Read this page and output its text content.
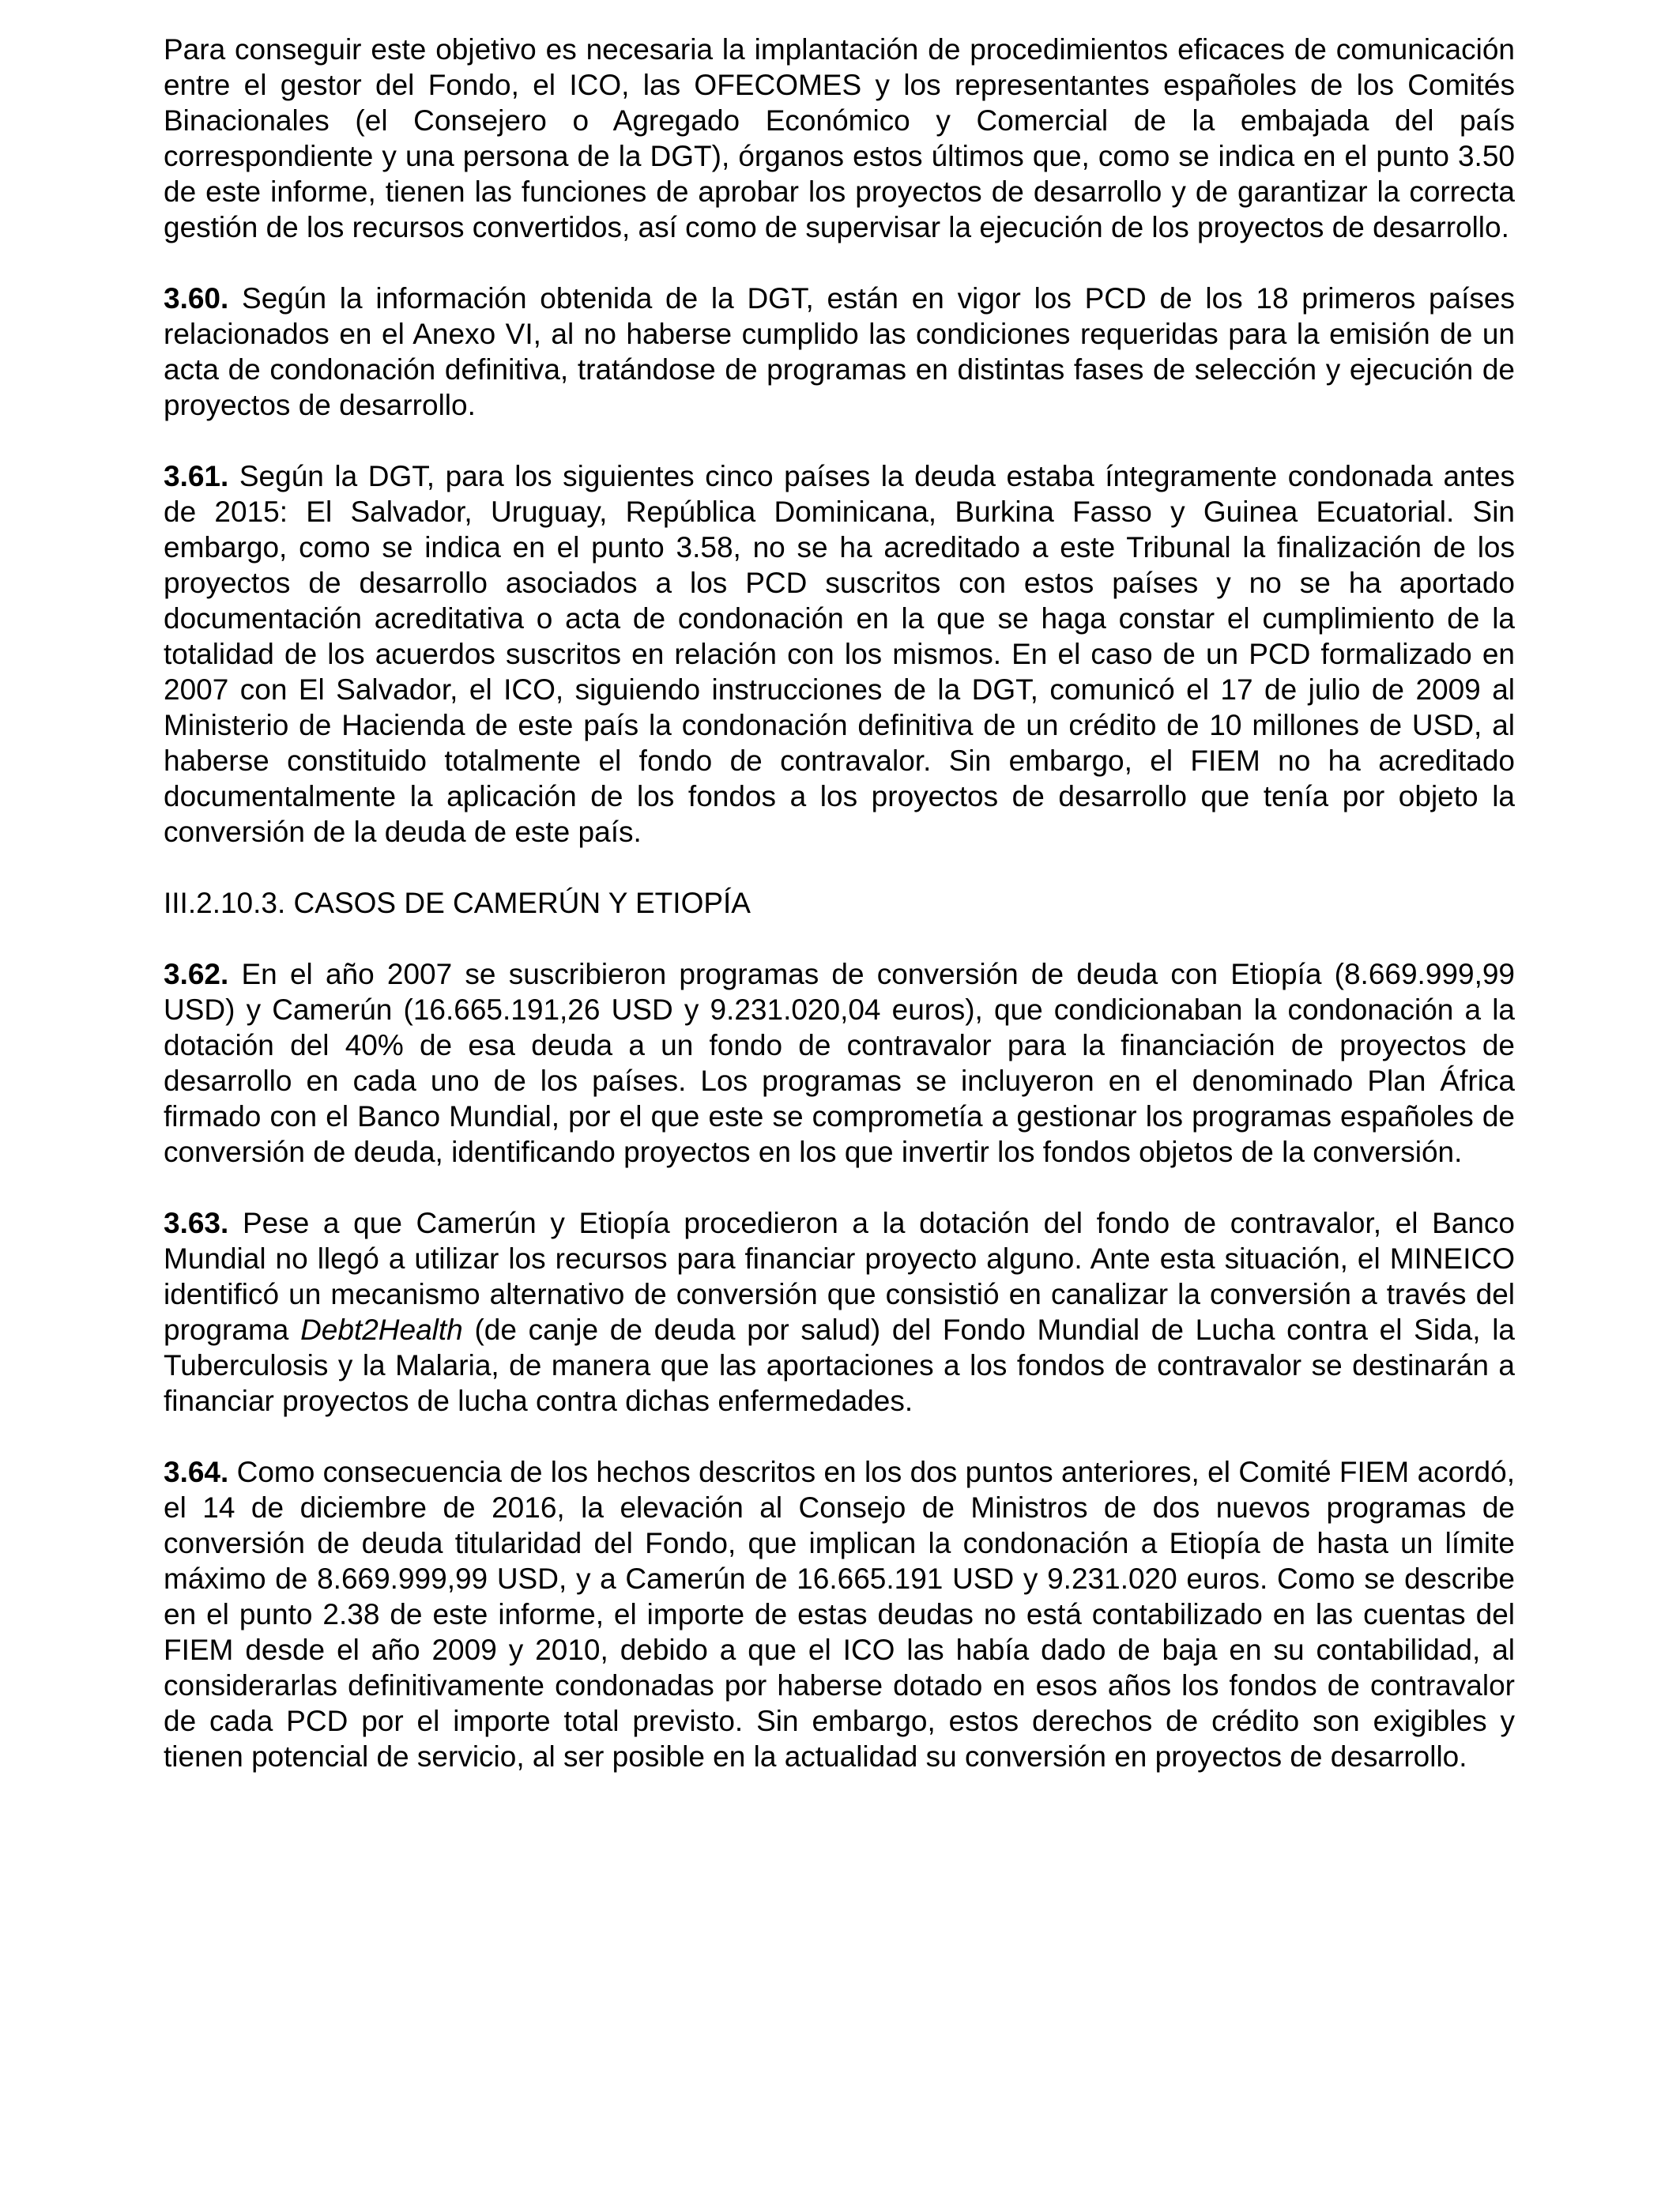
Para conseguir este objetivo es necesaria la implantación de procedimientos eficaces de comunicación entre el gestor del Fondo, el ICO, las OFECOMES y los representantes españoles de los Comités Binacionales (el Consejero o Agregado Económico y Comercial de la embajada del país correspondiente y una persona de la DGT), órganos estos últimos que, como se indica en el punto 3.50 de este informe, tienen las funciones de aprobar los proyectos de desarrollo y de garantizar la correcta gestión de los recursos convertidos, así como de supervisar la ejecución de los proyectos de desarrollo.

3.60. Según la información obtenida de la DGT, están en vigor los PCD de los 18 primeros países relacionados en el Anexo VI, al no haberse cumplido las condiciones requeridas para la emisión de un acta de condonación definitiva, tratándose de programas en distintas fases de selección y ejecución de proyectos de desarrollo.

3.61. Según la DGT, para los siguientes cinco países la deuda estaba íntegramente condonada antes de 2015: El Salvador, Uruguay, República Dominicana, Burkina Fasso y Guinea Ecuatorial. Sin embargo, como se indica en el punto 3.58, no se ha acreditado a este Tribunal la finalización de los proyectos de desarrollo asociados a los PCD suscritos con estos países y no se ha aportado documentación acreditativa o acta de condonación en la que se haga constar el cumplimiento de la totalidad de los acuerdos suscritos en relación con los mismos. En el caso de un PCD formalizado en 2007 con El Salvador, el ICO, siguiendo instrucciones de la DGT, comunicó el 17 de julio de 2009 al Ministerio de Hacienda de este país la condonación definitiva de un crédito de 10 millones de USD, al haberse constituido totalmente el fondo de contravalor. Sin embargo, el FIEM no ha acreditado documentalmente la aplicación de los fondos a los proyectos de desarrollo que tenía por objeto la conversión de la deuda de este país.

III.2.10.3. CASOS DE CAMERÚN Y ETIOPÍA

3.62. En el año 2007 se suscribieron programas de conversión de deuda con Etiopía (8.669.999,99 USD) y Camerún (16.665.191,26 USD y 9.231.020,04 euros), que condicionaban la condonación a la dotación del 40% de esa deuda a un fondo de contravalor para la financiación de proyectos de desarrollo en cada uno de los países. Los programas se incluyeron en el denominado Plan África firmado con el Banco Mundial, por el que este se comprometía a gestionar los programas españoles de conversión de deuda, identificando proyectos en los que invertir los fondos objetos de la conversión.

3.63. Pese a que Camerún y Etiopía procedieron a la dotación del fondo de contravalor, el Banco Mundial no llegó a utilizar los recursos para financiar proyecto alguno. Ante esta situación, el MINEICO identificó un mecanismo alternativo de conversión que consistió en canalizar la conversión a través del programa Debt2Health (de canje de deuda por salud) del Fondo Mundial de Lucha contra el Sida, la Tuberculosis y la Malaria, de manera que las aportaciones a los fondos de contravalor se destinarán a financiar proyectos de lucha contra dichas enfermedades.

3.64. Como consecuencia de los hechos descritos en los dos puntos anteriores, el Comité FIEM acordó, el 14 de diciembre de 2016, la elevación al Consejo de Ministros de dos nuevos programas de conversión de deuda titularidad del Fondo, que implican la condonación a Etiopía de hasta un límite máximo de 8.669.999,99 USD, y a Camerún de 16.665.191 USD y 9.231.020 euros. Como se describe en el punto 2.38 de este informe, el importe de estas deudas no está contabilizado en las cuentas del FIEM desde el año 2009 y 2010, debido a que el ICO las había dado de baja en su contabilidad, al considerarlas definitivamente condonadas por haberse dotado en esos años los fondos de contravalor de cada PCD por el importe total previsto. Sin embargo, estos derechos de crédito son exigibles y tienen potencial de servicio, al ser posible en la actualidad su conversión en proyectos de desarrollo.
